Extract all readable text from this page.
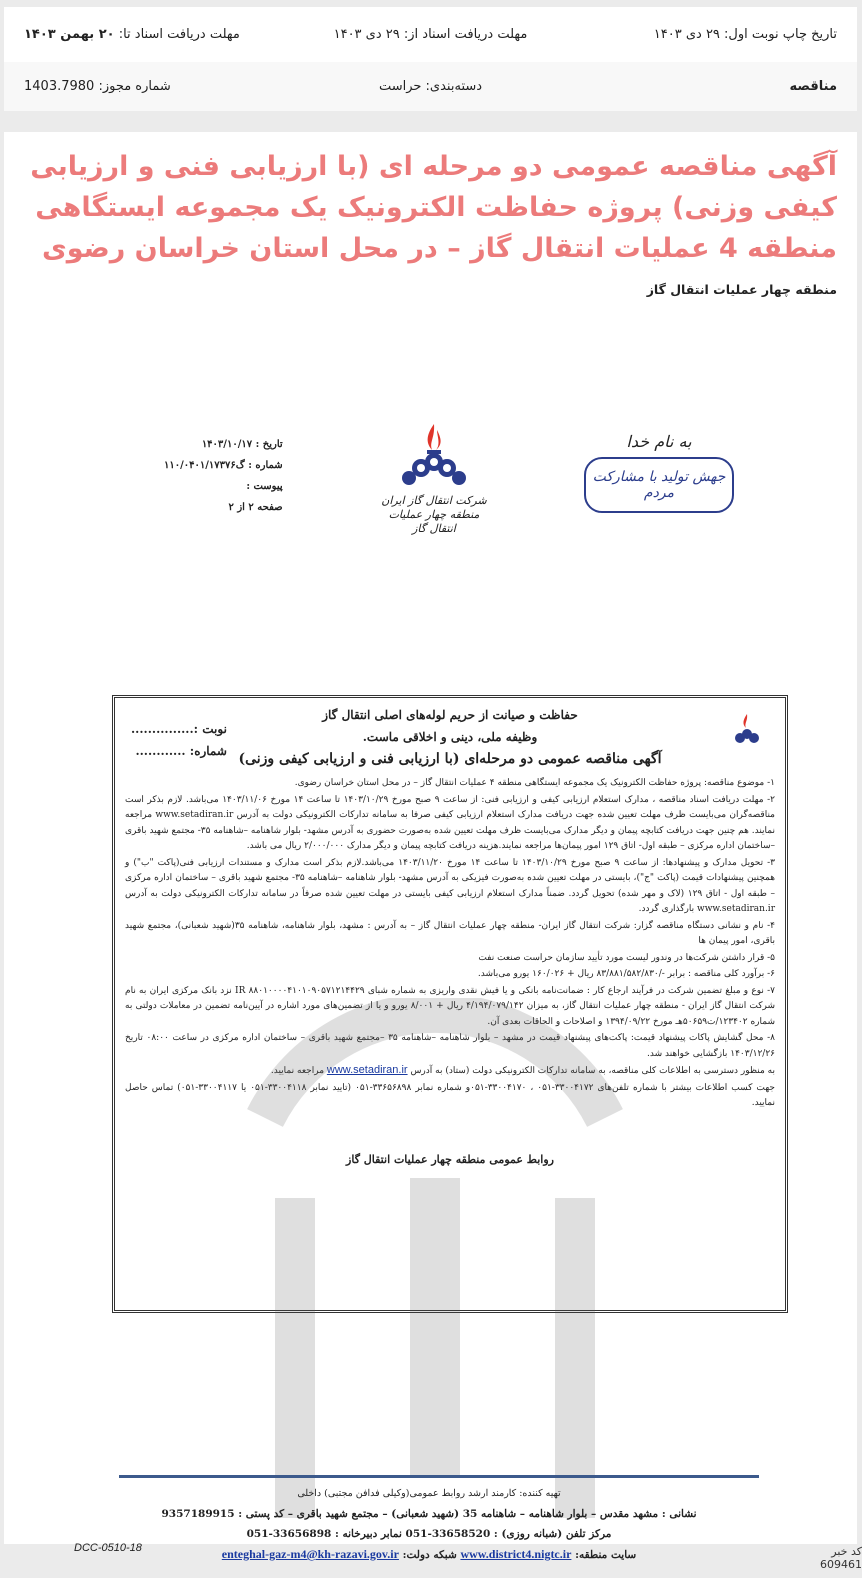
تاریخ چاپ نوبت اول: ۲۹ دی ۱۴۰۳
مهلت دریافت اسناد از: ۲۹ دی ۱۴۰۳
مهلت دریافت اسناد تا: ۲۰ بهمن ۱۴۰۳
مناقصه
دسته‌بندی: حراست
شماره مجوز: 1403.7980
آگهی مناقصه عمومی دو مرحله ای (با ارزیابی فنی و ارزیابی کیفی وزنی) پروژه حفاظت الکترونیک یک مجموعه ایستگاهی منطقه 4 عملیات انتقال گاز – در محل استان خراسان رضوی
منطقه چهار عملیات انتقال گاز
به نام خدا
جهش تولید با مشارکت مردم
شرکت انتقال گاز ایران
منطقه چهار عملیات انتقال گاز
تاریخ : ۱۴۰۳/۱۰/۱۷
شماره : گ۱۱۰/۰۴۰۱/۱۷۳۷۶
پیوست :
صفحه ۲ از ۲
نوبت :...............
شماره: ............
حفاظت و صیانت از حریم لوله‌های اصلی انتقال گاز
وظیفه ملی، دینی و اخلاقی ماست.
آگهی مناقصه عمومی دو مرحله‌ای (با ارزیابی فنی و ارزیابی کیفی وزنی)

۱- موضوع مناقصه: پروژه حفاظت الکترونیک یک مجموعه ایستگاهی منطقه ۴ عملیات انتقال گاز – در محل استان خراسان رضوی.

۲- مهلت دریافت اسناد مناقصه ، مدارک استعلام ارزیابی کیفی و ارزیابی فنی: از ساعت ۹ صبح مورخ ۱۴۰۳/۱۰/۲۹ تا ساعت ۱۴ مورخ ۱۴۰۳/۱۱/۰۶ می‌باشد. لازم بذکر است مناقصه‌گران می‌بایست ظرف مهلت تعیین شده جهت دریافت مدارک استعلام ارزیابی کیفی صرفا به سامانه تدارکات الکترونیکی دولت به آدرس www.setadiran.ir مراجعه نمایند. هم چنین جهت دریافت کتابچه پیمان و دیگر مدارک می‌بایست ظرف مهلت تعیین شده به‌صورت حضوری به آدرس مشهد- بلوار شاهنامه –شاهنامه ۳۵- مجتمع شهید باقری –ساختمان اداره مرکزی – طبقه اول- اتاق ۱۲۹ امور پیمان‌ها مراجعه نمایند.هزینه دریافت کتابچه پیمان و دیگر مدارک ۲/۰۰۰/۰۰۰ ریال می باشد.

۳- تحویل مدارک و پیشنهادها: از ساعت ۹ صبح مورخ ۱۴۰۳/۱۰/۲۹ تا ساعت ۱۴ مورخ ۱۴۰۳/۱۱/۲۰ می‌باشد.لازم بذکر است مدارک و مستندات ارزیابی فنی(پاکت "ب") و همچنین پیشنهادات قیمت (پاکت "ج")، بایستی در مهلت تعیین شده به‌صورت فیزیکی به آدرس مشهد- بلوار شاهنامه –شاهنامه ۳۵- مجتمع شهید باقری – ساختمان اداره مرکزی – طبقه اول - اتاق ۱۲۹ (لاک و مهر شده) تحویل گردد. ضمناً مدارک استعلام ارزیابی کیفی بایستی در مهلت تعیین شده صرفاً در سامانه تدارکات الکترونیکی دولت به آدرس www.setadiran.ir بارگذاری گردد.

۴- نام و نشانی دستگاه مناقصه گزار: شرکت انتقال گاز ایران- منطقه چهار عملیات انتقال گاز – به آدرس : مشهد، بلوار شاهنامه، شاهنامه ۳۵(شهید شعبانی)، مجتمع شهید باقری، امور پیمان ها

۵- قرار داشتن شرکت‌ها در وندور لیست مورد تأیید سازمان حراست صنعت نفت

۶- برآورد کلی مناقصه : برابر -/۸۳/۸۸۱/۵۸۲/۸۳۰ ریال + ۱۶۰/۰۲۶ یورو می‌باشد.

۷- نوع و مبلغ تضمین شرکت در فرآیند ارجاع کار : ضمانت‌نامه بانکی و یا فیش نقدی واریزی به شماره شبای IR ۸۸۰۱۰۰۰۰۴۱۰۱۰۹۰۵۷۱۲۱۴۴۲۹ نزد بانک مرکزی ایران به نام شرکت انتقال گاز ایران - منطقه چهار عملیات انتقال گاز، به میزان ۴/۱۹۴/۰۷۹/۱۴۲ ریال + ۸/۰۰۱ یورو و یا از تضمین‌های مورد اشاره در آیین‌نامه تضمین در معاملات دولتی به شماره ۱۲۳۴۰۲/ت۵۰۶۵۹هـ مورخ ۱۳۹۴/۰۹/۲۲ و اصلاحات و الحاقات بعدی آن.

۸- محل گشایش پاکات پیشنهاد قیمت: پاکت‌های پیشنهاد قیمت در مشهد – بلوار شاهنامه –شاهنامه ۳۵ –مجتمع شهید باقری – ساختمان اداره مرکزی در ساعت ۰۸:۰۰ تاریخ ۱۴۰۳/۱۲/۲۶ بازگشایی خواهند شد.

به منظور دسترسی به اطلاعات کلی مناقصه، به سامانه تدارکات الکترونیکی دولت (ستاد) به آدرس www.setadiran.ir مراجعه نمایید.

جهت کسب اطلاعات بیشتر با شماره تلفن‌های ۳۳۰۰۴۱۷۲-۰۵۱ ، ۳۳۰۰۴۱۷۰-۰۵۱و شماره نمابر ۳۳۶۵۶۸۹۸-۰۵۱ (تایید نمابر ۳۳۰۰۴۱۱۸-۰۵۱ یا ۳۳۰۰۴۱۱۷-۰۵۱) تماس حاصل نمایید.

روابط عمومی منطقه چهار عملیات انتقال گاز
تهیه کننده: کارمند ارشد روابط عمومی(وکیلی فدافن مجتبی) داخلی
نشانی : مشهد مقدس – بلوار شاهنامه – شاهنامه 35 (شهید شعبانی) – مجتمع شهید باقری – کد پستی : 9357189915
مرکز تلفن (شبانه روزی) : 33658520-051 نمابر دبیرخانه : 33656898-051
سایت منطقه: www.district4.nigtc.ir شبکه دولت: enteghal-gaz-m4@kh-razavi.gov.ir
DCC-0510-18	کد خبر 609461
